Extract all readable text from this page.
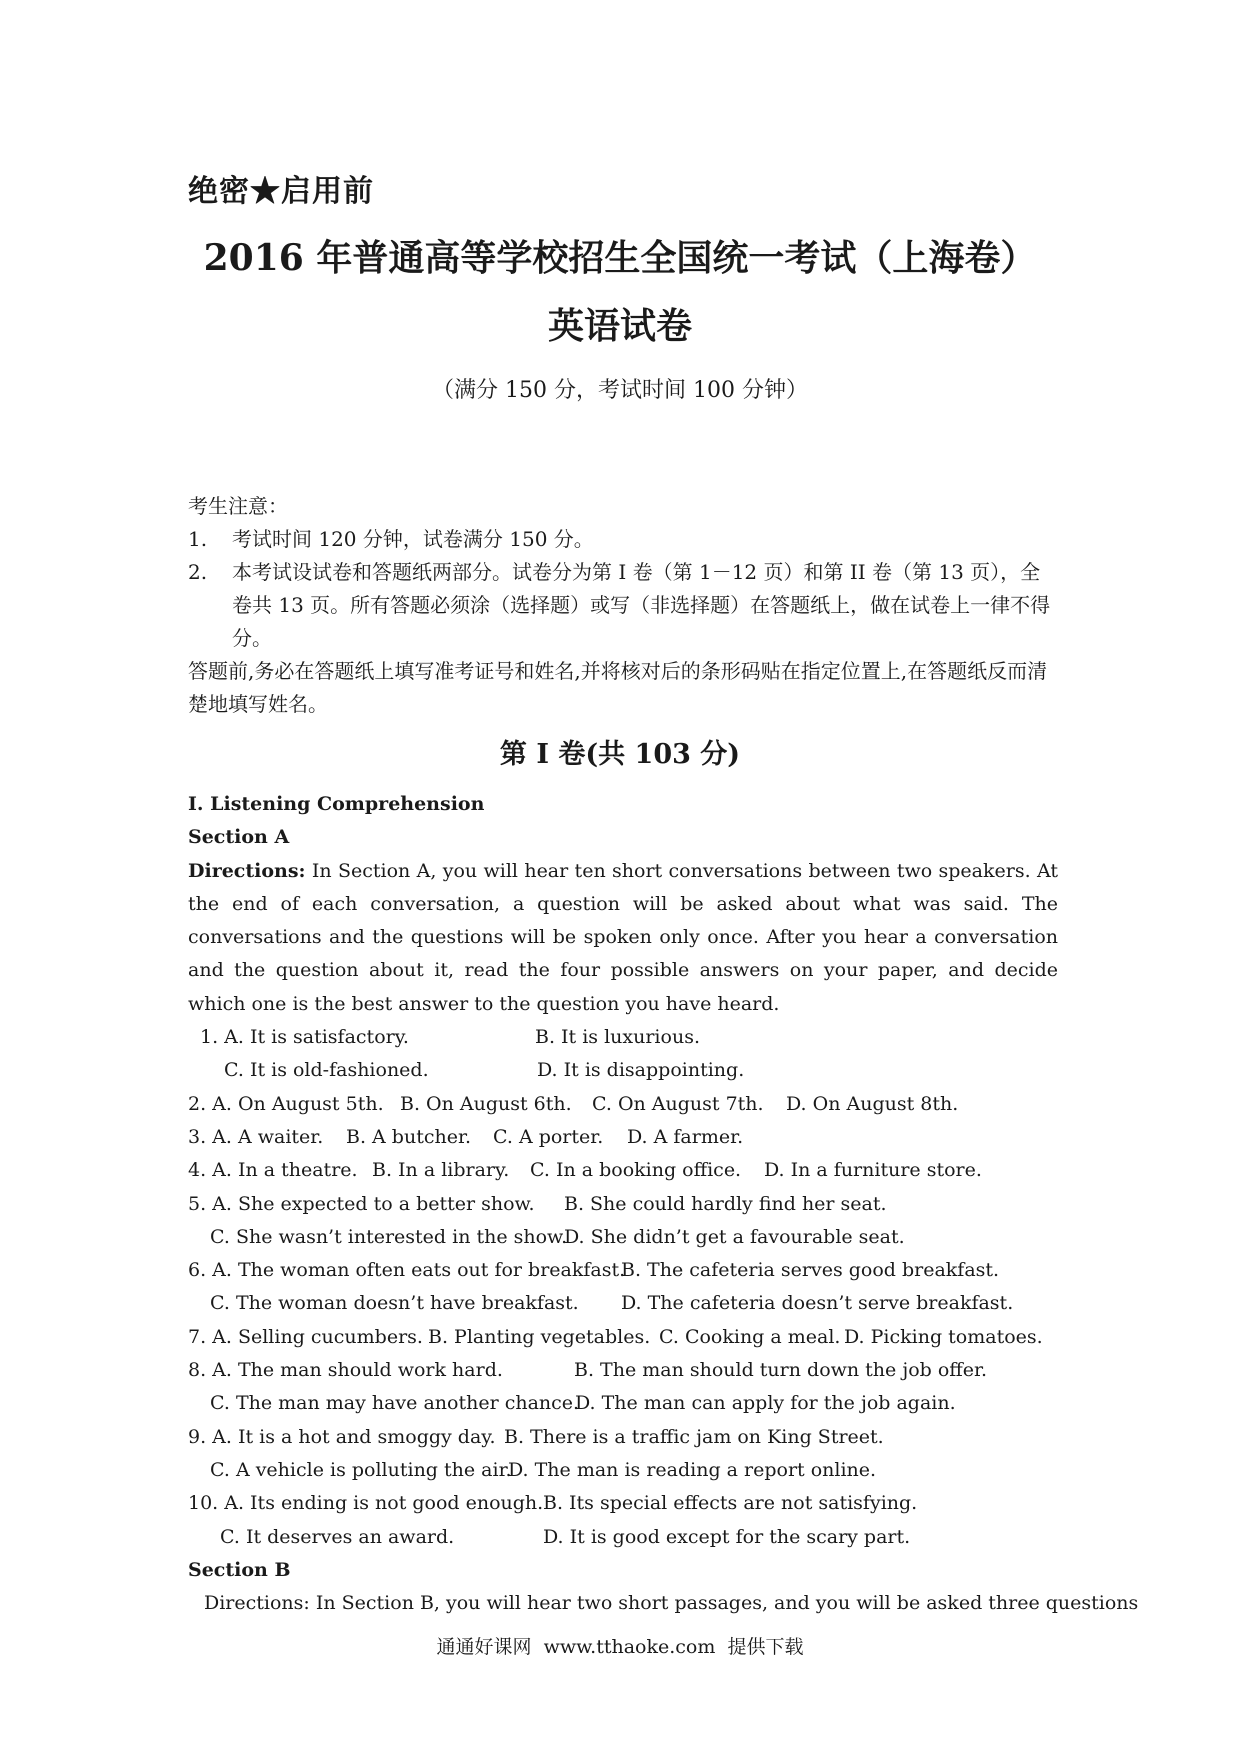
绝密★启用前
2016 年普通高等学校招生全国统一考试（上海卷）
英语试卷
（满分 150 分，考试时间 100 分钟）
考生注意：
1.	考试时间 120 分钟，试卷满分 150 分。
2.	本考试设试卷和答题纸两部分。试卷分为第 I 卷（第 1－12 页）和第 II 卷（第 13 页），全卷共 13 页。所有答题必须涂（选择题）或写（非选择题）在答题纸上，做在试卷上一律不得分。
答题前,务必在答题纸上填写准考证号和姓名,并将核对后的条形码贴在指定位置上,在答题纸反而清楚地填写姓名。
第 I 卷(共 103 分)
I. Listening Comprehension
Section A
Directions: In Section A, you will hear ten short conversations between two speakers. At the end of each conversation, a question will be asked about what was said. The conversations and the questions will be spoken only once. After you hear a conversation and the question about it, read the four possible answers on your paper, and decide which one is the best answer to the question you have heard.
1. A. It is satisfactory.	B. It is luxurious.
C. It is old-fashioned.	D. It is disappointing.
2. A. On August 5th. B. On August 6th. C. On August 7th. D. On August 8th.
3. A. A waiter. B. A butcher. C. A porter. D. A farmer.
4. A. In a theatre. B. In a library. C. In a booking office. D. In a furniture store.
5. A. She expected to a better show. B. She could hardly find her seat.
C. She wasn’t interested in the show.
D. She didn’t get a favourable seat.
6. A. The woman often eats out for breakfast.
B. The cafeteria serves good breakfast.
C. The woman doesn’t have breakfast. D. The cafeteria doesn’t serve breakfast.
7. A. Selling cucumbers. B. Planting vegetables. C. Cooking a meal. D. Picking tomatoes.
8. A. The man should work hard.	B. The man should turn down the job offer.
C. The man may have another chance.
D. The man can apply for the job again.
9. A. It is a hot and smoggy day. B. There is a traffic jam on King Street.
C. A vehicle is polluting the air.
D. The man is reading a report online.
10. A. Its ending is not good enough. B. Its special effects are not satisfying.
C. It deserves an award.	D. It is good except for the scary part.
Section B
Directions: In Section B, you will hear two short passages, and you will be asked three questions
通通好课网  www.tthaoke.com  提供下载
